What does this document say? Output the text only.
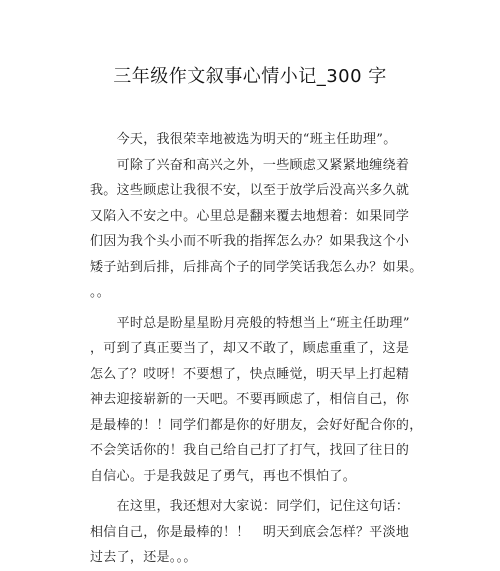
三年级作文叙事心情小记_300 字

　　今天，我很荣幸地被选为明天的“班主任助理”。
　　可除了兴奋和高兴之外，一些顾虑又紧紧地缠绕着
我。这些顾虑让我很不安，以至于放学后没高兴多久就
又陷入不安之中。心里总是翻来覆去地想着：如果同学
们因为我个头小而不听我的指挥怎么办？如果我这个小
矮子站到后排，后排高个子的同学笑话我怎么办？如果。
。。

　　平时总是盼星星盼月亮般的特想当上“班主任助理”
，可到了真正要当了，却又不敢了，顾虑重重了，这是
怎么了？哎呀！不要想了，快点睡觉，明天早上打起精
神去迎接崭新的一天吧。不要再顾虑了，相信自己，你
是最棒的！！同学们都是你的好朋友，会好好配合你的，
不会笑话你的！我自己给自己打了打气，找回了往日的
自信心。于是我鼓足了勇气，再也不惧怕了。

　　在这里，我还想对大家说：同学们，记住这句话：
相信自己，你是最棒的！！　明天到底会怎样？平淡地
过去了，还是。。。
